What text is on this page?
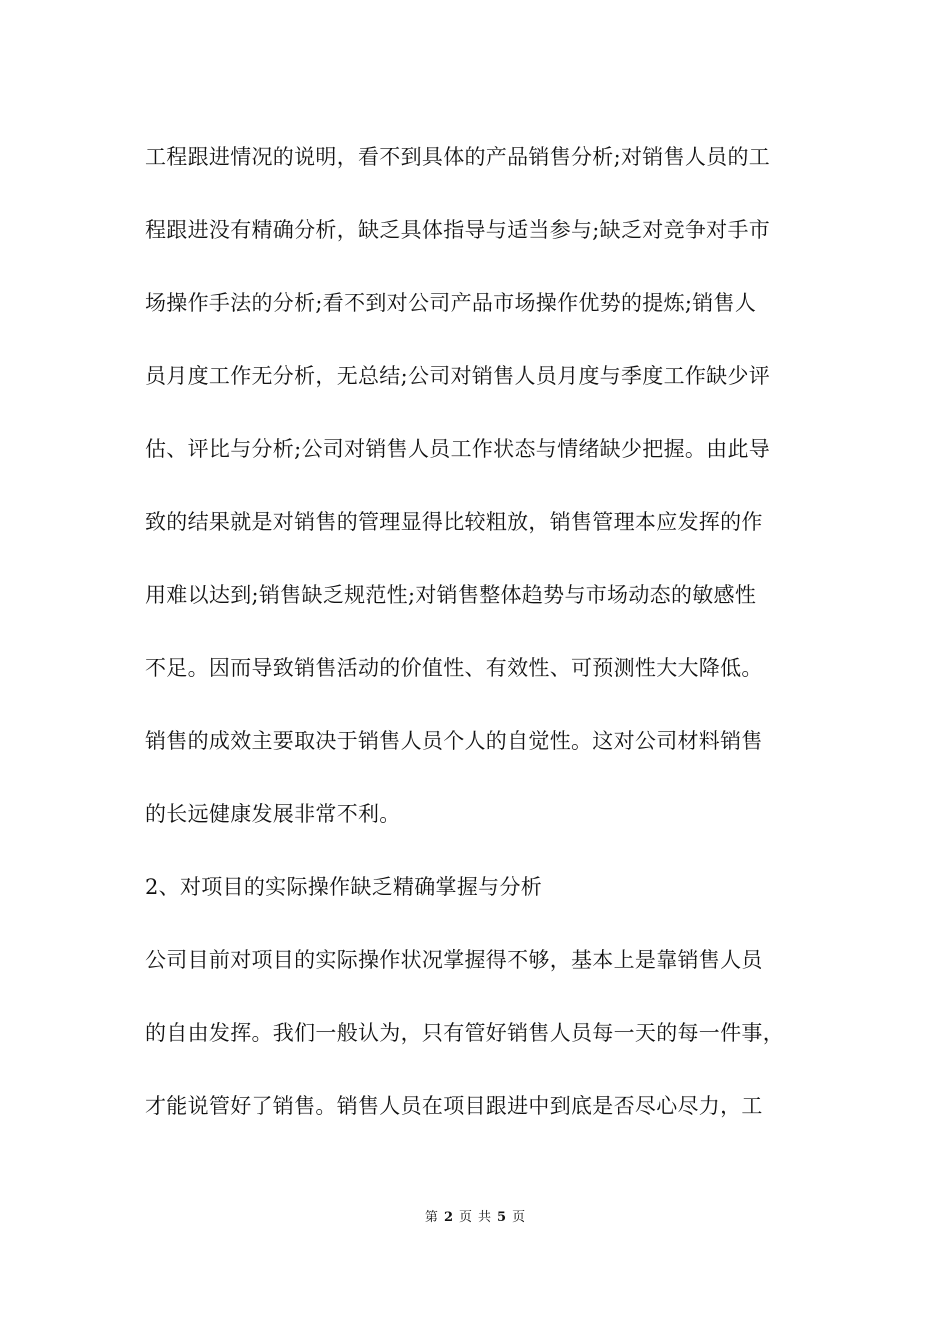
工程跟进情况的说明，看不到具体的产品销售分析;对销售人员的工
程跟进没有精确分析，缺乏具体指导与适当参与;缺乏对竞争对手市
场操作手法的分析;看不到对公司产品市场操作优势的提炼;销售人
员月度工作无分析，无总结;公司对销售人员月度与季度工作缺少评
估、评比与分析;公司对销售人员工作状态与情绪缺少把握。由此导
致的结果就是对销售的管理显得比较粗放，销售管理本应发挥的作
用难以达到;销售缺乏规范性;对销售整体趋势与市场动态的敏感性
不足。因而导致销售活动的价值性、有效性、可预测性大大降低。
销售的成效主要取决于销售人员个人的自觉性。这对公司材料销售
的长远健康发展非常不利。
2、对项目的实际操作缺乏精确掌握与分析
公司目前对项目的实际操作状况掌握得不够，基本上是靠销售人员
的自由发挥。我们一般认为，只有管好销售人员每一天的每一件事，
才能说管好了销售。销售人员在项目跟进中到底是否尽心尽力，工
第 2 页 共 5 页
